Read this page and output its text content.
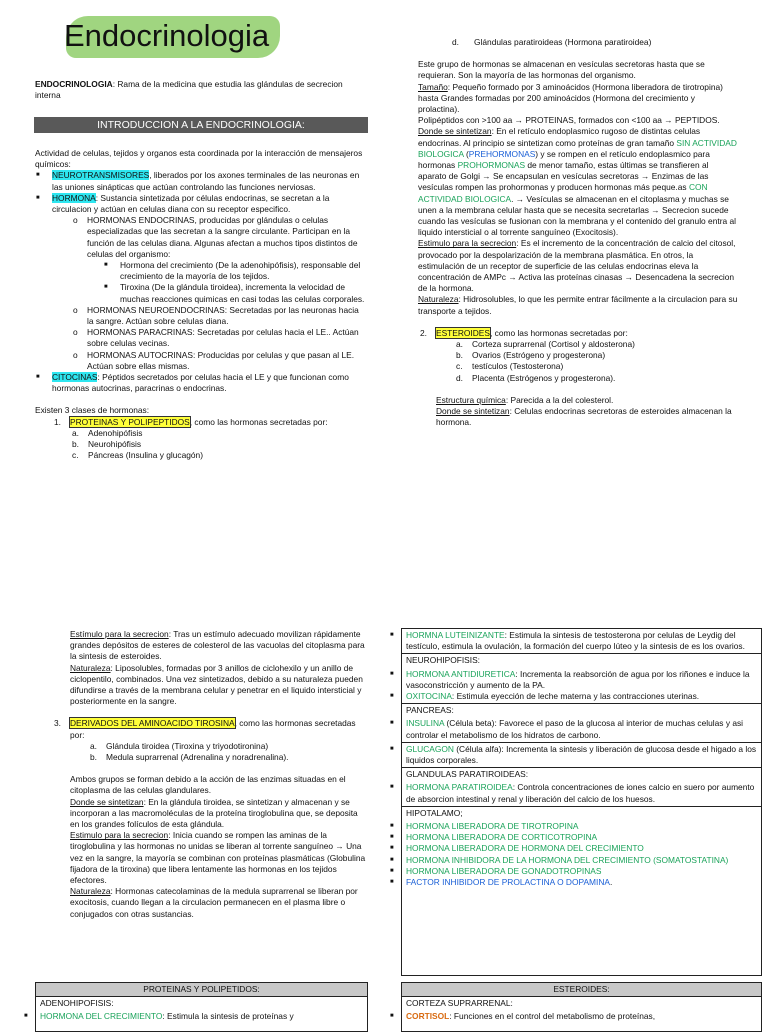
Endocrinologia

ENDOCRINOLOGIA: Rama de la medicina que estudia las glándulas de secrecion interna

INTRODUCCION A LA ENDOCRINOLOGIA:

Actividad de celulas, tejidos y organos esta coordinada por la interacción de mensajeros químicos:

■ NEUROTRANSMISORES, liberados por los axones terminales de las neuronas en las uniones sinápticas que actúan controlando las funciones nerviosas.
■ HORMONA: Sustancia sintetizada por células endocrinas, se secretan a la circulacion y actúan en celulas diana con su receptor especifico.
o HORMONAS ENDOCRINAS, producidas por glándulas o celulas especializadas que las secretan a la sangre circulante. Participan en la función de las celulas diana. Algunas afectan a muchos tipos distintos de celulas del organismo:
■ Hormona del crecimiento (De la adenohipófisis), responsable del crecimiento de la mayoría de los tejidos.
■ Tiroxina (De la glándula tiroidea), incrementa la velocidad de muchas reacciones quimicas en casi todas las celulas corporales.
o HORMONAS NEUROENDOCRINAS: Secretadas por las neuronas hacia la sangre. Actúan sobre celulas diana.
o HORMONAS PARACRINAS: Secretadas por celulas hacia el LE.. Actúan sobre celulas vecinas.
o HORMONAS AUTOCRINAS: Producidas por celulas y que pasan al LE. Actúan sobre ellas mismas.
■ CITOCINAS: Péptidos secretados por celulas hacia el LE y que funcionan como hormonas autocrinas, paracrinas o endocrinas.

Existen 3 clases de hormonas:

1. PROTEINAS Y POLIPEPTIDOS, como las hormonas secretadas por:
a. Adenohipófisis
b. Neurohipófisis
c. Páncreas (Insulina y glucagón)
d. Glándulas paratiroideas (Hormona paratiroidea)

Este grupo de hormonas se almacenan en vesículas secretoras hasta que se requieran. Son la mayoría de las hormonas del organismo.

Tamaño: Pequeño formado por 3 aminoácidos (Hormona liberadora de tirotropina) hasta Grandes formadas por 200 aminoácidos (Hormona del crecimiento y prolactina).

Polipéptidos con >100 aa → PROTEINAS, formados con <100 aa → PEPTIDOS.

Donde se sintetizan: En el retículo endoplasmico rugoso de distintas celulas endocrinas. Al principio se sintetizan como proteínas de gran tamaño SIN ACTIVIDAD BIOLOGICA (PREHORMONAS) y se rompen en el retículo endoplasmico para hormonas PROHORMONAS de menor tamaño, estas últimas se transfieren al aparato de Golgi → Se encapsulan en vesículas secretoras → Enzimas de las vesículas rompen las prohormonas y producen hormonas más peque.as CON ACTIVIDAD BIOLOGICA. → Vesículas se almacenan en el citoplasma y muchas se unen a la membrana celular hasta que se necesita secretarlas → Secrecion sucede cuando las vesículas se fusionan con la membrana y el contenido del granulo entra al liquido intersticial o al torrente sanguíneo (Exocitosis).

Estimulo para la secrecion: Es el incremento de la concentración de calcio del citosol, provocado por la despolarización de la membrana plasmática. En otros, la estimulación de un receptor de superficie de las celulas endocrinas eleva la concentración de AMPc → Activa las proteínas cinasas → Desencadena la secrecion de la hormona.

Naturaleza: Hidrosolubles, lo que les permite entrar fácilmente a la circulacion para su transporte a tejidos.

2. ESTEROIDES, como las hormonas secretadas por:
a. Corteza suprarrenal (Cortisol y aldosterona)
b. Ovarios (Estrógeno y progesterona)
c. testículos (Testosterona)
d. Placenta (Estrógenos y progesterona).

Estructura química: Parecida a la del colesterol.

Donde se sintetizan: Celulas endocrinas secretoras de esteroides almacenan la hormona.

Estímulo para la secrecion: Tras un estímulo adecuado movilizan rápidamente grandes depósitos de esteres de colesterol de las vacuolas del citoplasma para la sintesis de esteroides.

Naturaleza: Liposolubles, formadas por 3 anillos de ciclohexilo y un anillo de ciclopentilo, combinados. Una vez sintetizados, debido a su naturaleza pueden difundirse a través de la membrana celular y penetrar en el liquido intersticial y posteriormente en la sangre.

3. DERIVADOS DEL AMINOACIDO TIROSINA, como las hormonas secretadas por:
a. Glándula tiroidea (Tiroxina y triyodotironina)
b. Medula suprarrenal (Adrenalina y noradrenalina).

Ambos grupos se forman debido a la acción de las enzimas situadas en el citoplasma de las celulas glandulares.

Donde se sintetizan: En la glándula tiroidea, se sintetizan y almacenan y se incorporan a las macromoléculas de la proteína tiroglobulina que, se deposita en los grandes folículos de esta glándula.

Estimulo para la secrecion: Inicia cuando se rompen las aminas de la tiroglobulina y las hormonas no unidas se liberan al torrente sanguíneo → Una vez en la sangre, la mayoría se combinan con proteínas plasmáticas (Globulina fijadora de la tiroxina) que libera lentamente las hormonas en los tejidos efectores.

Naturaleza: Hormonas catecolaminas de la medula suprarrenal se liberan por exocitosis, cuando llegan a la circulacion permanecen en el plasma libre o conjugados con otras sustancias.

PROTEINAS Y POLIPETIDOS:
ADENOHIPOFISIS:
■ HORMONA DEL CRECIMIENTO: Estimula la sintesis de proteínas y
■ HORMNA LUTEINIZANTE: Estimula la sintesis de testosterona por celulas de Leydig del testículo, estimula la ovulación, la formación del cuerpo lúteo y la sintesis de es los ovarios.
NEUROHIPOFISIS:
■ HORMONA ANTIDIURETICA: Incrementa la reabsorción de agua por los riñones e induce la vasoconstricción y aumento de la PA.
■ OXITOCINA: Estimula eyección de leche materna y las contracciones uterinas.
PANCREAS:
■ INSULINA (Célula beta): Favorece el paso de la glucosa al interior de muchas celulas y asi controlar el metabolismo de los hidratos de carbono.
■ GLUCAGON (Célula alfa): Incrementa la sintesis y liberación de glucosa desde el higado a los liquidos corporales.
GLANDULAS PARATIROIDEAS:
■ HORMONA PARATIROIDEA: Controla concentraciones de iones calcio en suero por aumento de absorcion intestinal y renal y liberación del calcio de los huesos.
HIPOTALAMO;
■ HORMONA LIBERADORA DE TIROTROPINA
■ HORMONA LIBERADORA DE CORTICOTROPINA
■ HORMONA LIBERADORA DE HORMONA DEL CRECIMIENTO
■ HORMONA INHIBIDORA DE LA HORMONA DEL CRECIMIENTO (SOMATOSTATINA)
■ HORMONA LIBERADORA DE GONADOTROPINAS
■ FACTOR INHIBIDOR DE PROLACTINA O DOPAMINA.
ESTEROIDES:
CORTEZA SUPRARRENAL:
■ CORTISOL: Funciones en el control del metabolismo de proteínas,
